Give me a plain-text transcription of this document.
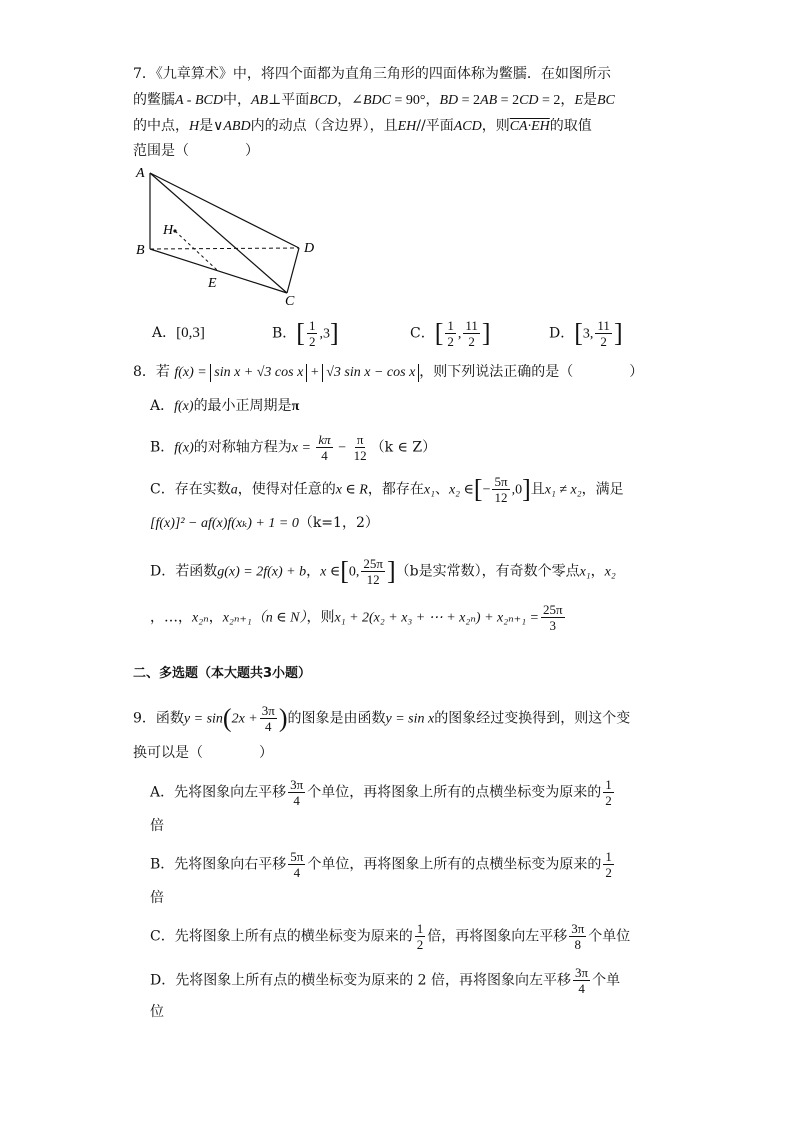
7．《九章算术》中，将四个面都为直角三角形的四面体称为鳖臑．在如图所示
的鳖臑A - BCD中，AB⊥平面BCD，∠BDC = 90°，BD = 2AB = 2CD = 2，E是BC
的中点，H是∨ABD内的动点（含边界），且EH//平面ACD，则CA·EH的取值
范围是（　　　　）
A
B
C
D
E
H
A．[0,3]	B．[ $\frac{1}{2} ,3$]	C．[ $\frac{1}{2}$ , $\frac{11}{2}$ ]	D．[3, $\frac{11}{2}$ ]
8．若 f(x) = sin x + √3 cos x + √3 sin x − cos x ，则下列说法正确的是（　　　　）
A．f(x)的最小正周期是π
B．f(x)的对称轴方程为$x = \frac{k\pi}{4} - \frac{\pi}{12} (k$ ∈ Z）
C．存在实数a，使得对任意的x ∈ R，都存在x₁、x₂ ∈[− $\frac{5\pi}{12} ,0$]且x₁ ≠ x₂，满足
[f(x)]² − af(x)f(xₖ) + 1 = 0（k=1，2）
D．若函数g(x) = 2f(x) + b，x ∈[0, $\frac{25\pi}{12} ](b$是实常数），有奇数个零点x₁，x₂
，…，x₂ₙ，x₂ₙ₊₁（n ∈ N），则x₁ + 2(x₂ + x₃ + ⋯ + $x_{2n}) + x_{2n+1} = \frac{25\pi}{3}$
二、多选题（本大题共3小题）
9．函数$y = \sin(2x + \frac{3\pi}{4}$ )的图象是由函数y = sin x的图象经过变换得到，则这个变
换可以是（　　　　）
A．先将图象向左平移 $\frac{3\pi}{4}$ 个单位，再将图象上所有的点横坐标变为原来的 $\frac{1}{2}$
倍
B．先将图象向右平移 $\frac{5\pi}{4}$ 个单位，再将图象上所有的点横坐标变为原来的 $\frac{1}{2}$
倍
C．先将图象上所有点的横坐标变为原来的 $\frac{1}{2}$ 倍，再将图象向左平移 $\frac{3\pi}{8}$ 个单位
D．先将图象上所有点的横坐标变为原来的 2 倍，再将图象向左平移 $\frac{3\pi}{4}$ 个单
位
